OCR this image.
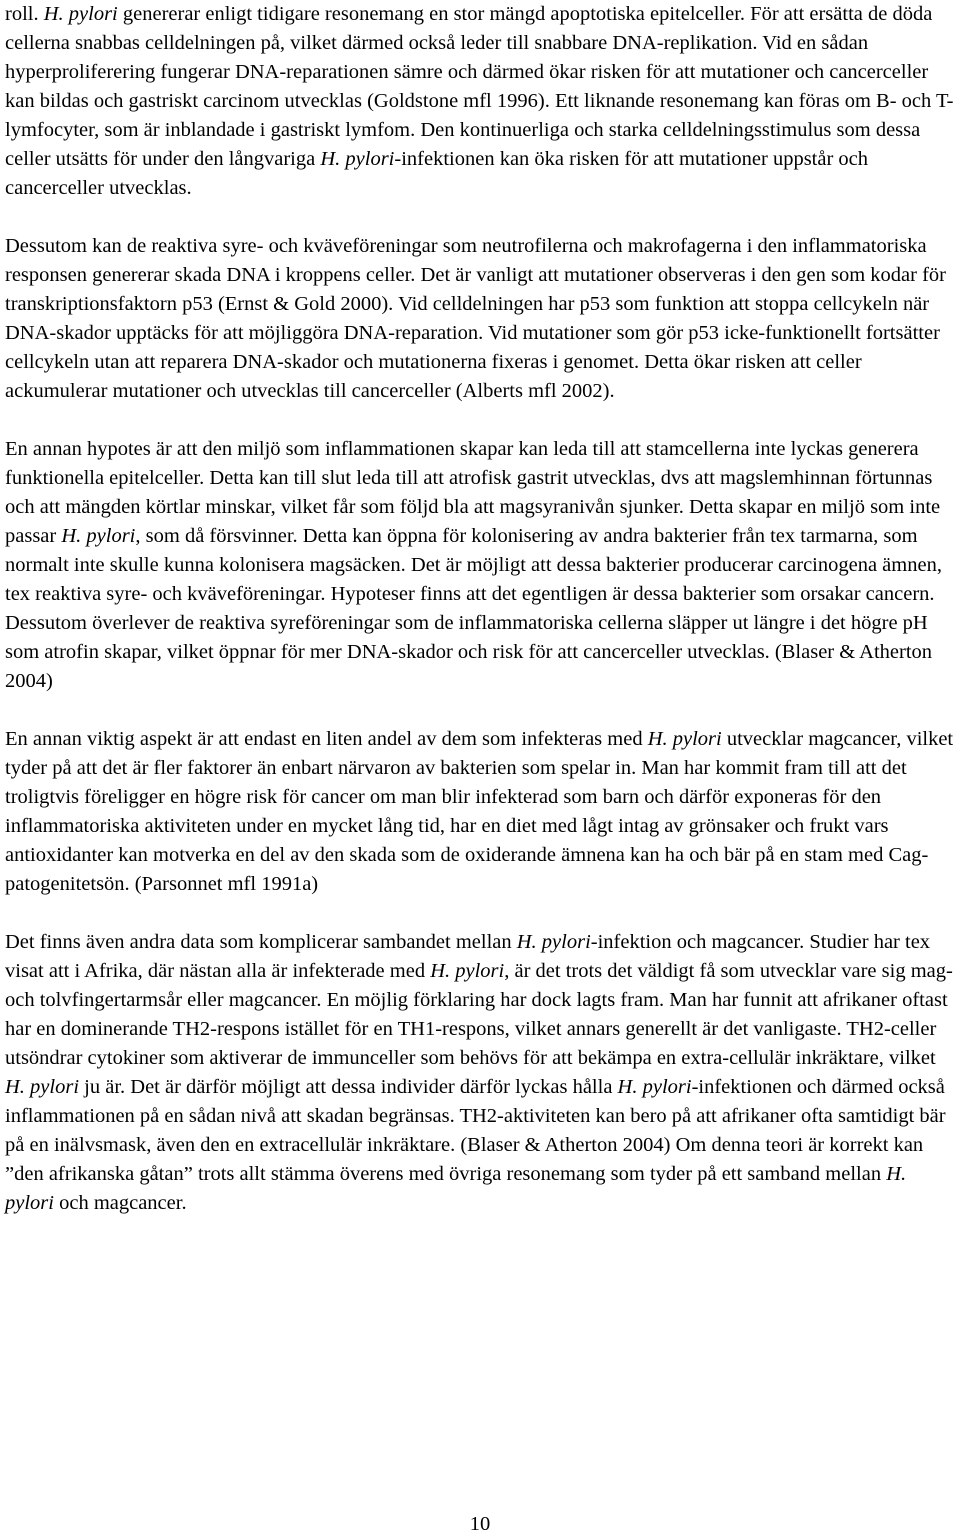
roll. H. pylori genererar enligt tidigare resonemang en stor mängd apoptotiska epitelceller. För att ersätta de döda cellerna snabbas celldelningen på, vilket därmed också leder till snabbare DNA-replikation. Vid en sådan hyperproliferering fungerar DNA-reparationen sämre och därmed ökar risken för att mutationer och cancerceller kan bildas och gastriskt carcinom utvecklas (Goldstone mfl 1996). Ett liknande resonemang kan föras om B- och T-lymfocyter, som är inblandade i gastriskt lymfom. Den kontinuerliga och starka celldelningsstimulus som dessa celler utsätts för under den långvariga H. pylori-infektionen kan öka risken för att mutationer uppstår och cancerceller utvecklas.

Dessutom kan de reaktiva syre- och kväveföreningar som neutrofilerna och makrofagerna i den inflammatoriska responsen genererar skada DNA i kroppens celler. Det är vanligt att mutationer observeras i den gen som kodar för transkriptionsfaktorn p53 (Ernst & Gold 2000). Vid celldelningen har p53 som funktion att stoppa cellcykeln när DNA-skador upptäcks för att möjliggöra DNA-reparation. Vid mutationer som gör p53 icke-funktionellt fortsätter cellcykeln utan att reparera DNA-skador och mutationerna fixeras i genomet. Detta ökar risken att celler ackumulerar mutationer och utvecklas till cancerceller (Alberts mfl 2002).

En annan hypotes är att den miljö som inflammationen skapar kan leda till att stamcellerna inte lyckas generera funktionella epitelceller. Detta kan till slut leda till att atrofisk gastrit utvecklas, dvs att magslemhinnan förtunnas och att mängden körtlar minskar, vilket får som följd bla att magsyranivån sjunker. Detta skapar en miljö som inte passar H. pylori, som då försvinner. Detta kan öppna för kolonisering av andra bakterier från tex tarmarna, som normalt inte skulle kunna kolonisera magsäcken. Det är möjligt att dessa bakterier producerar carcinogena ämnen, tex reaktiva syre- och kväveföreningar. Hypoteser finns att det egentligen är dessa bakterier som orsakar cancern. Dessutom överlever de reaktiva syreföreningar som de inflammatoriska cellerna släpper ut längre i det högre pH som atrofin skapar, vilket öppnar för mer DNA-skador och risk för att cancerceller utvecklas. (Blaser & Atherton 2004)

En annan viktig aspekt är att endast en liten andel av dem som infekteras med H. pylori utvecklar magcancer, vilket tyder på att det är fler faktorer än enbart närvaron av bakterien som spelar in. Man har kommit fram till att det troligtvis föreligger en högre risk för cancer om man blir infekterad som barn och därför exponeras för den inflammatoriska aktiviteten under en mycket lång tid, har en diet med lågt intag av grönsaker och frukt vars antioxidanter kan motverka en del av den skada som de oxiderande ämnena kan ha och bär på en stam med Cag-patogenitetsön. (Parsonnet mfl 1991a)

Det finns även andra data som komplicerar sambandet mellan H. pylori-infektion och magcancer. Studier har tex visat att i Afrika, där nästan alla är infekterade med H. pylori, är det trots det väldigt få som utvecklar vare sig mag- och tolvfingertarmsår eller magcancer. En möjlig förklaring har dock lagts fram. Man har funnit att afrikaner oftast har en dominerande TH2-respons istället för en TH1-respons, vilket annars generellt är det vanligaste. TH2-celler utsöndrar cytokiner som aktiverar de immunceller som behövs för att bekämpa en extra-cellulär inkräktare, vilket H. pylori ju är. Det är därför möjligt att dessa individer därför lyckas hålla H. pylori-infektionen och därmed också inflammationen på en sådan nivå att skadan begränsas. TH2-aktiviteten kan bero på att afrikaner ofta samtidigt bär på en inälvsmask, även den en extracellulär inkräktare. (Blaser & Atherton 2004) Om denna teori är korrekt kan ”den afrikanska gåtan” trots allt stämma överens med övriga resonemang som tyder på ett samband mellan H. pylori och magcancer.

10
